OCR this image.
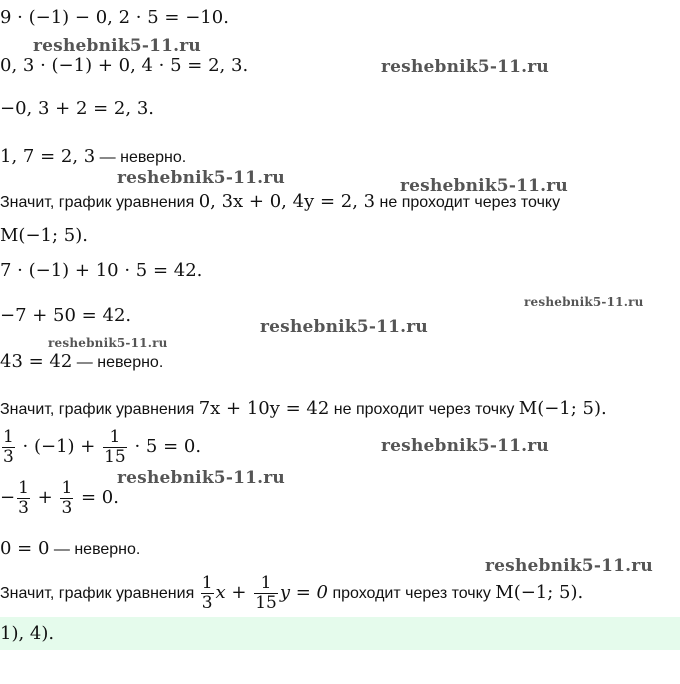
9 · (−1) − 0, 2 · 5 = −10.
0, 3 · (−1) + 0, 4 · 5 = 2, 3.
−0, 3 + 2 = 2, 3.
1, 7 = 2, 3 — неверно.
Значит, график уравнения 0, 3x + 0, 4y = 2, 3 не проходит через точку
M(−1; 5).
7 · (−1) + 10 · 5 = 42.
−7 + 50 = 42.
43 = 42 — неверно.
Значит, график уравнения 7x + 10y = 42 не проходит через точку M(−1; 5).
$\frac{1}{3} \cdot (-1) + \frac{1}{15} \cdot 5 = 0$.
− $\frac{1}{3} + \frac{1}{3} = 0$.
0 = 0 — неверно.
Значит, график уравнения $\frac{1}{3}$ $x + \frac{1}{15}$ y = 0 проходит через точку M(−1; 5).
1), 4).
reshebnik5-11.ru
reshebnik5-11.ru
reshebnik5-11.ru	reshebnik5-11.ru
reshebnik5-11.ru
reshebnik5-11.ru
reshebnik5-11.ru
reshebnik5-11.ru
reshebnik5-11.ru
reshebnik5-11.ru
